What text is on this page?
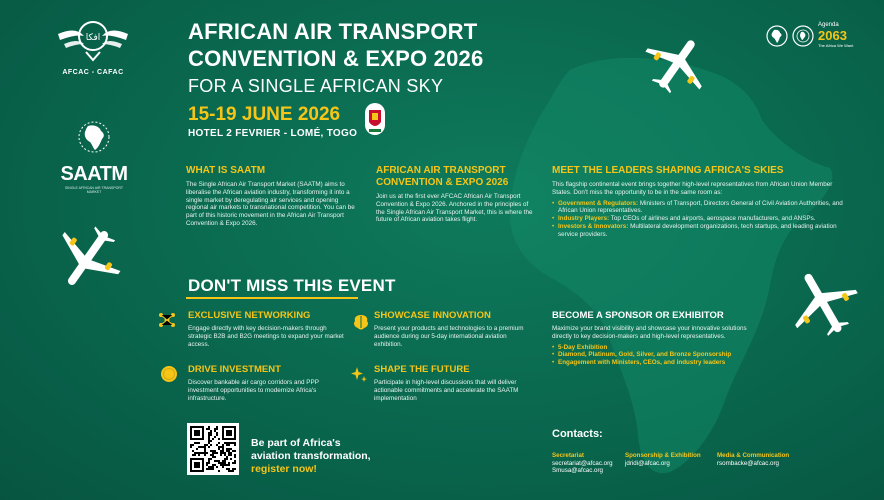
افكا
AFCAC - CAFAC
SAATM
SINGLE AFRICAN AIR TRANSPORT MARKET
AFRICAN AIR TRANSPORT
CONVENTION & EXPO 2026
FOR A SINGLE AFRICAN SKY
15-19 JUNE 2026
HOTEL 2 FEVRIER - LOMÉ, TOGO
Agenda
2063
The Africa We Want
WHAT IS SAATM
The Single African Air Transport Market (SAATM) aims to liberalise the African aviation industry, transforming it into a single market by deregulating air services and opening regional air markets to transnational competition. You can be part of this historic movement in the African Air Transport Convention & Expo 2026.
AFRICAN AIR TRANSPORT
CONVENTION & EXPO 2026
Join us at the first ever AFCAC African Air Transport Convention & Expo 2026. Anchored in the principles of the Single African Air Transport Market, this is where the future of African aviation takes flight.
MEET THE LEADERS SHAPING AFRICA'S SKIES
This flagship continental event brings together high-level representatives from African Union Member States. Don't miss the opportunity to be in the same room as:
• Government & Regulators: Ministers of Transport, Directors General of Civil Aviation Authorities, and African Union representatives.
• Industry Players: Top CEOs of airlines and airports, aerospace manufacturers, and ANSPs.
• Investors & Innovators: Multilateral development organizations, tech startups, and leading aviation service providers.
DON'T MISS THIS EVENT
EXCLUSIVE NETWORKING
Engage directly with key decision-makers through strategic B2B and B2G meetings to expand your market access.
SHOWCASE INNOVATION
Present your products and technologies to a premium audience during our 5-day international aviation exhibition.
DRIVE INVESTMENT
Discover bankable air cargo corridors and PPP investment opportunities to modernize Africa's infrastructure.
SHAPE THE FUTURE
Participate in high-level discussions that will deliver actionable commitments and accelerate the SAATM implementation
BECOME A SPONSOR OR EXHIBITOR
Maximize your brand visibility and showcase your innovative solutions directly to key decision-makers and high-level representatives.
• 5-Day Exhibition
• Diamond, Platinum, Gold, Silver, and Bronze Sponsorship
• Engagement with Ministers, CEOs, and industry leaders
Be part of Africa's
aviation transformation,
register now!
Contacts:
Secretariat
secretariat@afcac.org
Smusa@afcac.org
Sponsorship & Exhibition
jdridi@afcac.org
Media & Communication
rsombacke@afcac.org
